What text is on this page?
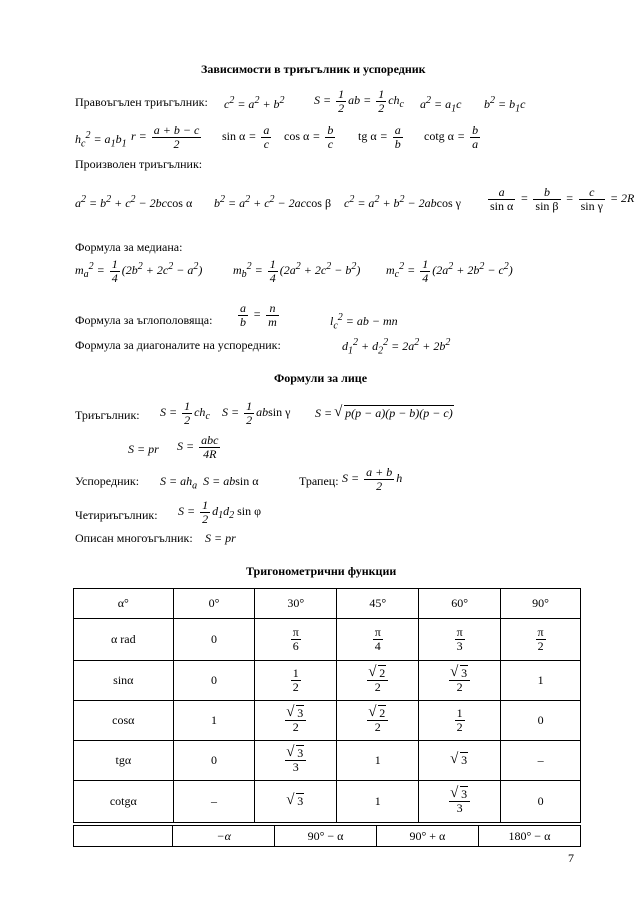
Зависимости в триъгълник и успоредник
Правоъгълен триъгълник: $c^2 = a^2 + b^2$ $S = \frac{1}{2}$ ab = $\frac{1}{2} ch_c$ $a^2 = a_1c$ $b^2 = b_1c$
$h_c^2 = a_1b_1$
$r = \frac{a + b - c}{2}$ $\sin \alpha = \frac{a}{c}$ $\cos \alpha = \frac{b}{c}$ tg $\alpha = \frac{a}{b}$ cotg $\alpha = \frac{b}{a}$
Произволен триъгълник:
$a^2 = b^2 + c^2 - 2bccos$ α $b^2 = a^2 + c^2 - 2accos$ β $c^2 = a^2 + b^2 - 2abcos$ γ $\frac{a}{\text{sin α}} = \frac{b}{\text{sin β}} = \frac{c}{\text{sin γ}} = 2R$
Формула за медиана:
$m_a^2 = \frac{1}{4} (2b^2 + 2c^2 - a^2)$	$m_b^2 = \frac{1}{4} (2a^2 + 2c^2 - b^2) m_c^2 = \frac{1}{4} (2a^2 + 2b^2 - c^2)$
Формула за ъглополовяща: $\frac{a}{b} = \frac{n}{m}$	$l_c^2$ = ab − mn
Формула за диагоналите на успоредник:	$d_1^2 + d_2^2 = 2a^2 + 2b^2$
Формули за лице
Триъгълник: $S = \frac{1}{2} ch_c$ $S = \frac{1}{2}$ absin γ S = √ p(p − a)(p − b)(p − c)
S = pr $S = \frac{\text{abc}}{4R}$
Успоредник: $S = ah_a$  S = absin α	Трапец: $S = \frac{a + b}{2}$ h
Четириъгълник: $S = \frac{1}{2} d_1d_2$ sin φ
Описан многоъгълник: S = pr
Тригонометрични функции
α°	0°	30°	45°	60°	90°
α rad	0	$\frac{\pi}{6}$	$\frac{\pi}{4}$	$\frac{\pi}{3}$	$\frac{\pi}{2}$

sinα	0	$\frac{1}{2}$	√ $\frac{2}{2}$	√ $\frac{3}{2}$	1
cosα	1	√ $\frac{3}{2}$	√ $\frac{2}{2}$	$\frac{1}{2}$	0
tgα	0	√ $\frac{3}{3}$	1	√ 3	–
cotgα	–	√ 3	1	√ $\frac{3}{3}$	0
	−α	90° − α	90° + α	180° − α
7
